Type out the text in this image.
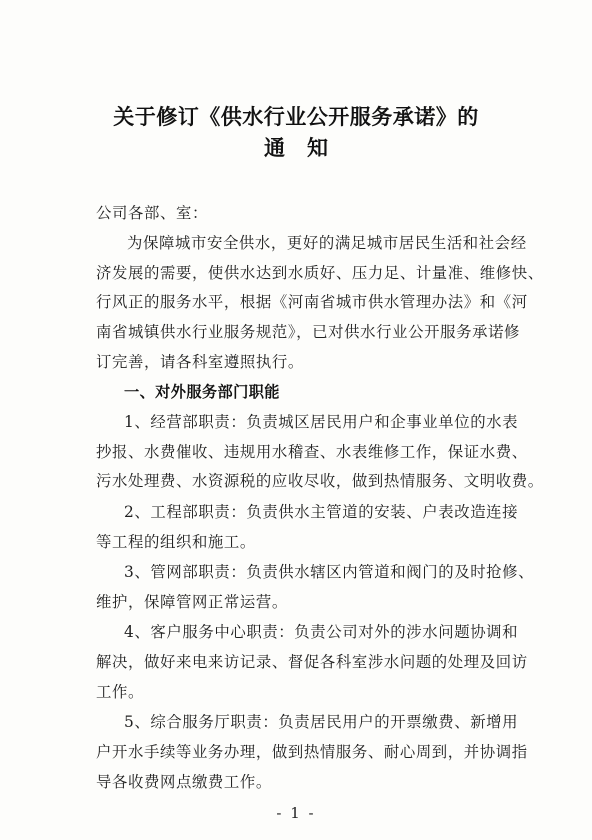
关于修订《供水行业公开服务承诺》的
通知
公司各部、室：
为保障城市安全供水，更好的满足城市居民生活和社会经
济发展的需要，使供水达到水质好、压力足、计量准、维修快、
行风正的服务水平，根据《河南省城市供水管理办法》和《河
南省城镇供水行业服务规范》，已对供水行业公开服务承诺修
订完善，请各科室遵照执行。
一、对外服务部门职能
1、经营部职责：负责城区居民用户和企事业单位的水表
抄报、水费催收、违规用水稽查、水表维修工作，保证水费、
污水处理费、水资源税的应收尽收，做到热情服务、文明收费。
2、工程部职责：负责供水主管道的安装、户表改造连接
等工程的组织和施工。
3、管网部职责：负责供水辖区内管道和阀门的及时抢修、
维护，保障管网正常运营。
4、客户服务中心职责：负责公司对外的涉水问题协调和
解决，做好来电来访记录、督促各科室涉水问题的处理及回访
工作。
5、综合服务厅职责：负责居民用户的开票缴费、新增用
户开水手续等业务办理，做到热情服务、耐心周到，并协调指
导各收费网点缴费工作。
- 1 -
